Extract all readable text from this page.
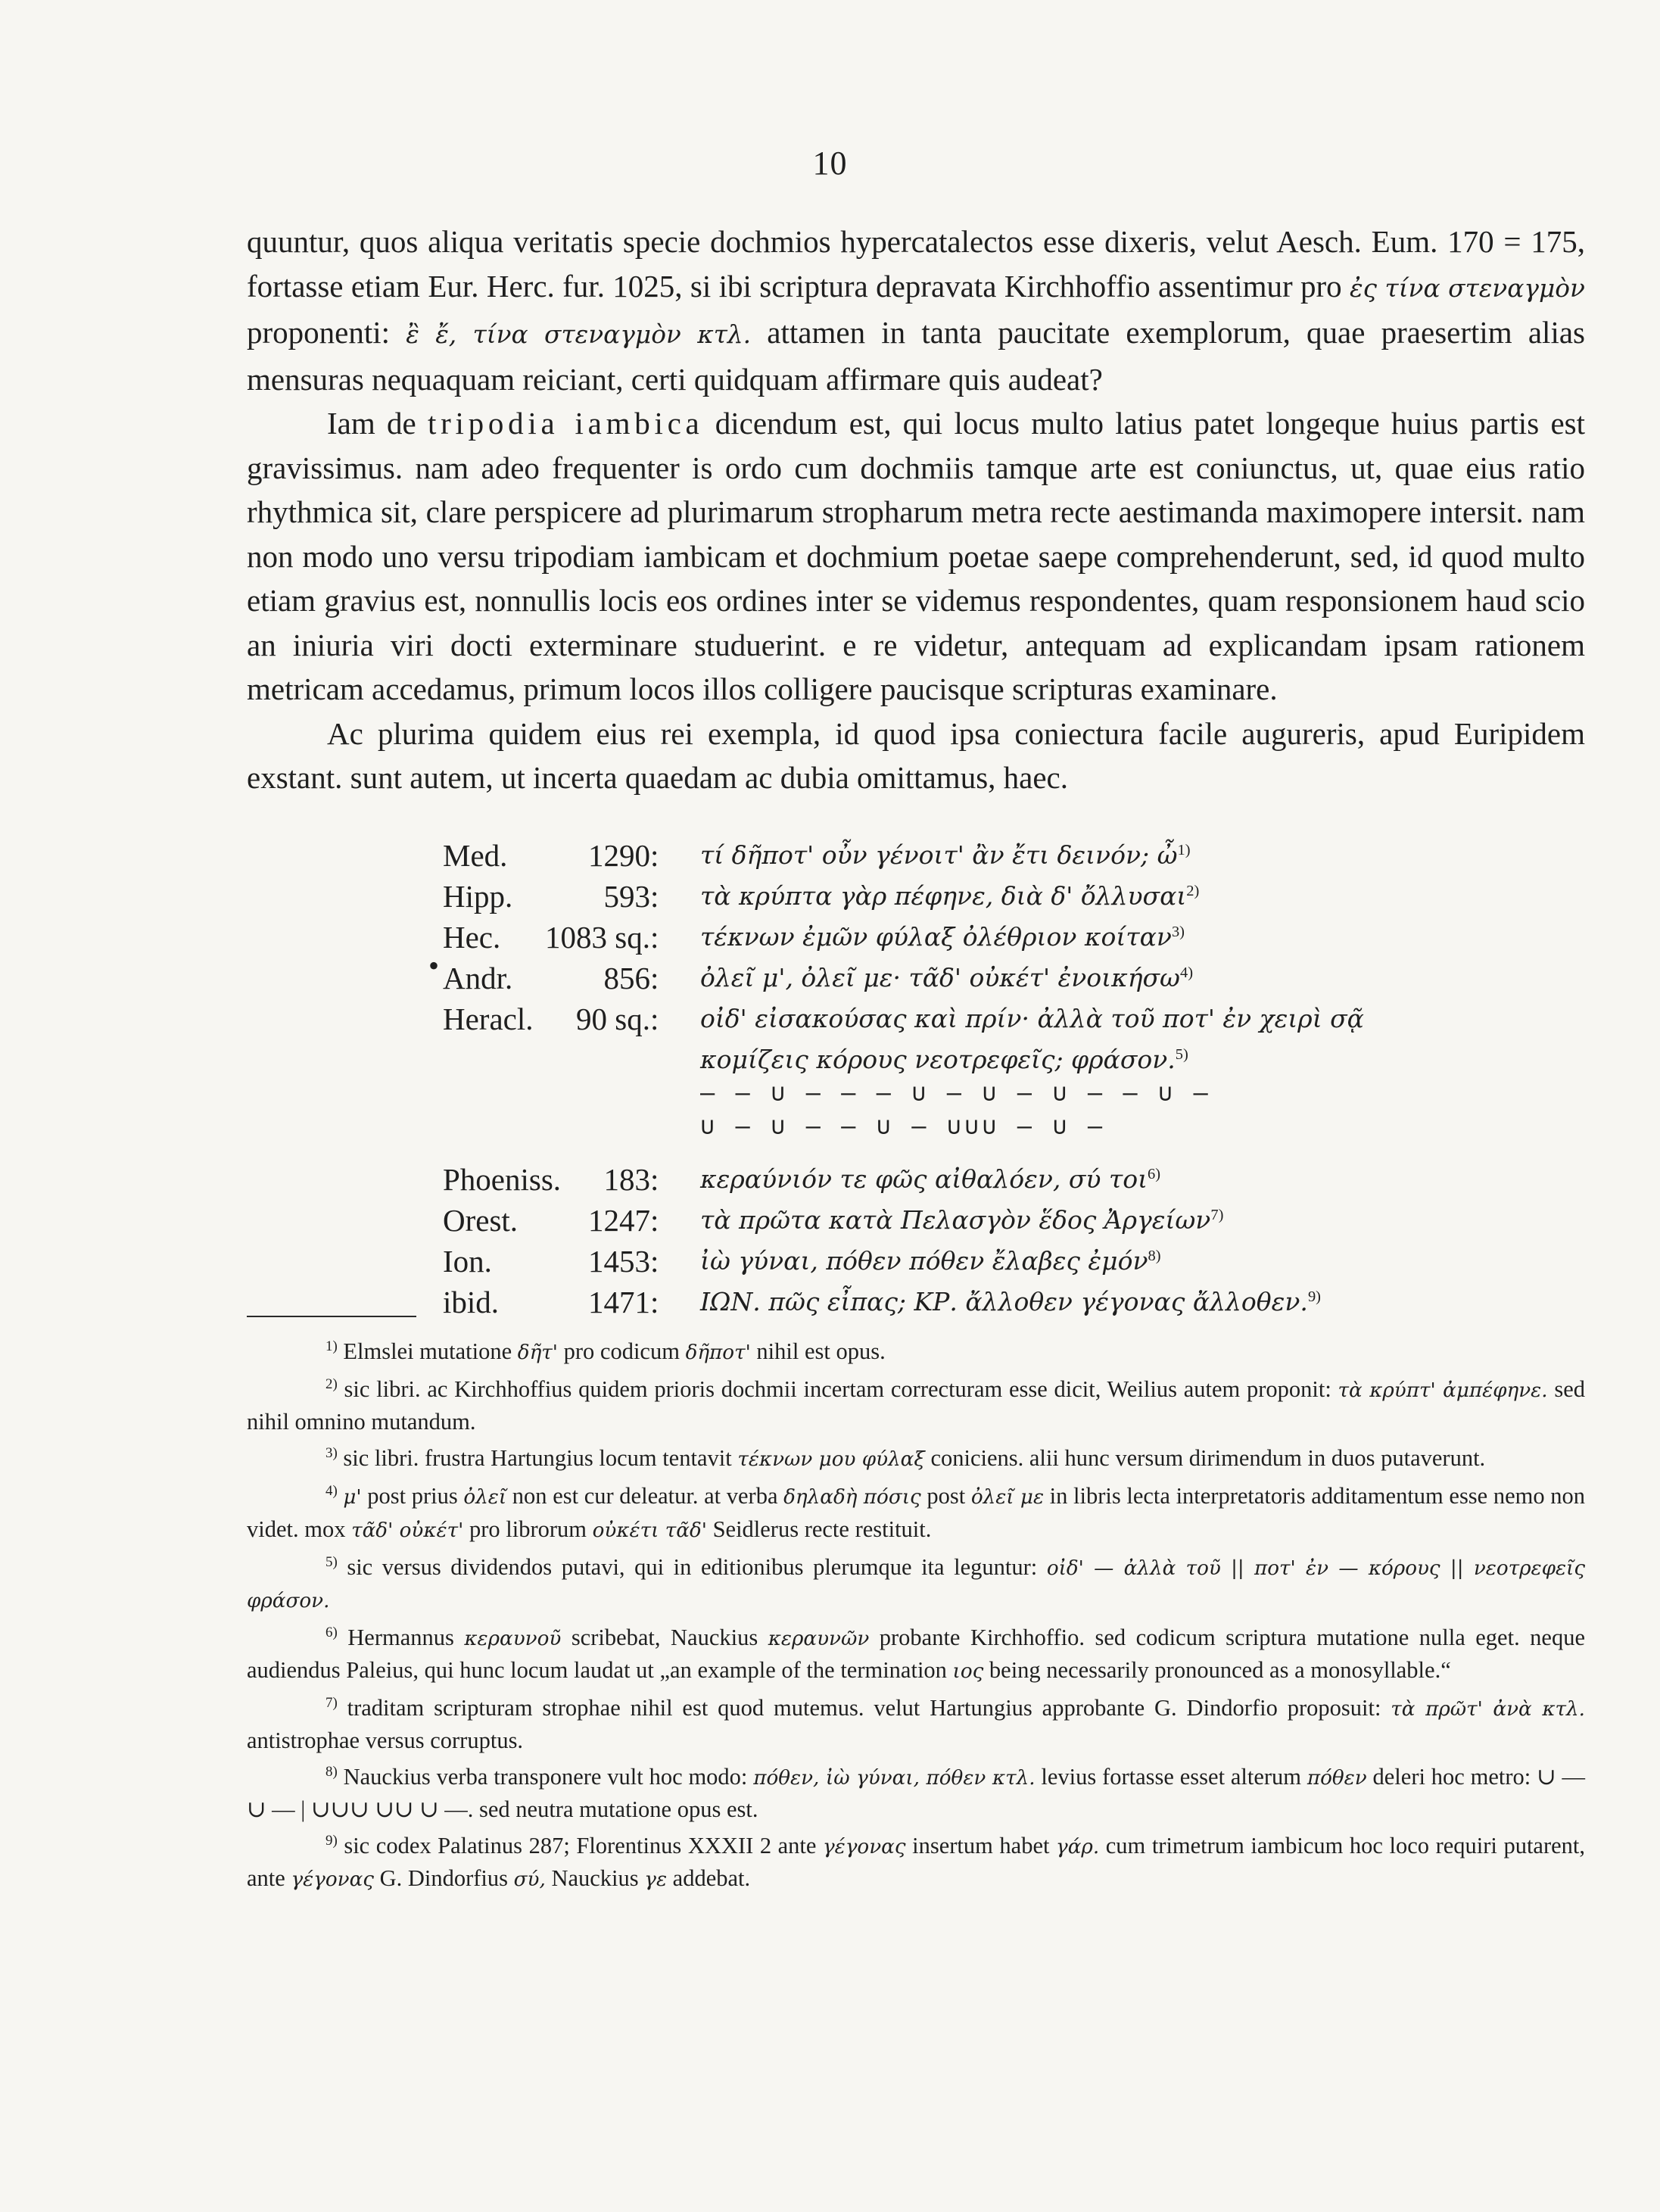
10

quuntur, quos aliqua veritatis specie dochmios hypercatalectos esse dixeris, velut Aesch. Eum. 170 = 175, fortasse etiam Eur. Herc. fur. 1025, si ibi scriptura depravata Kirchhoffio assentimur pro ἐς τίνα στεναγμὸν proponenti: ἒ ἔ, τίνα στεναγμὸν κτλ. attamen in tanta paucitate exemplorum, quae praesertim alias mensuras nequaquam reiciant, certi quidquam affirmare quis audeat?

Iam de tripodia iambica dicendum est, qui locus multo latius patet longeque huius partis est gravissimus. nam adeo frequenter is ordo cum dochmiis tamque arte est coniunctus, ut, quae eius ratio rhythmica sit, clare perspicere ad plurimarum stropharum metra recte aestimanda maximopere intersit. nam non modo uno versu tripodiam iambicam et dochmium poetae saepe comprehenderunt, sed, id quod multo etiam gravius est, nonnullis locis eos ordines inter se videmus respondentes, quam responsionem haud scio an iniuria viri docti exterminare studuerint. e re videtur, antequam ad explicandam ipsam rationem metricam accedamus, primum locos illos colligere paucisque scripturas examinare.

Ac plurima quidem eius rei exempla, id quod ipsa coniectura facile augureris, apud Euripidem exstant. sunt autem, ut incerta quaedam ac dubia omittamus, haec.

•
Med.	1290 : τί δῆποτ' οὖν γένοιτ' ἂν ἔτι δεινόν; ὦ$^{1)}$
Hipp.	593 : τὰ κρύπτα γὰρ πέφηνε, διὰ δ' ὄλλυσαι$^{2)}$
Hec. 1083 sq. : τέκνων ἐμῶν φύλαξ ὀλέθριον κοίταν$^{3)}$
Andr.	856 : ὀλεῖ μ', ὀλεῖ με· τᾶδ' οὐκέτ' ἐνοικήσω$^{4)}$
Heracl.	90 sq. : οἰδ' εἰσακούσας καὶ πρίν· ἀλλὰ τοῦ ποτ' ἐν χειρὶ σᾷ
κομίζεις κόρους νεοτρεφεῖς; φράσον.$^{5)}$
— — ∪ — — — ∪ — ∪ — ∪ — — ∪ —
∪ — ∪ — — ∪ — ∪∪∪ — ∪ —
Phoeniss.	183 : κεραύνιόν τε φῶς αἰθαλόεν, σύ τοι$^{6)}$
Orest.	1247 : τὰ πρῶτα κατὰ Πελασγὸν ἕδος Ἀργείων$^{7)}$
Ion.	1453 : ἰὼ γύναι, πόθεν πόθεν ἔλαβες ἐμόν$^{8)}$
ibid.	1471 : ΙΩΝ. πῶς εἶπας; ΚΡ. ἄλλοθεν γέγονας ἄλλοθεν.$^{9)}$

$^{1)}$ Elmslei mutatione δῆτ' pro codicum δῆποτ' nihil est opus.

$^{2)}$ sic libri. ac Kirchhoffius quidem prioris dochmii incertam correcturam esse dicit, Weilius autem proponit: τὰ κρύπτ' ἀμπέφηνε. sed nihil omnino mutandum.

$^{3)}$ sic libri. frustra Hartungius locum tentavit τέκνων μου φύλαξ coniciens. alii hunc versum dirimendum in duos putaverunt.

$^{4)}$ μ' post prius ὀλεῖ non est cur deleatur. at verba δηλαδὴ πόσις post ὀλεῖ με in libris lecta interpretatoris additamentum esse nemo non videt. mox τᾶδ' οὐκέτ' pro librorum οὐκέτι τᾶδ' Seidlerus recte restituit.

$^{5)}$ sic versus dividendos putavi, qui in editionibus plerumque ita leguntur: οἰδ' — ἀλλὰ τοῦ || ποτ' ἐν — κόρους || νεοτρεφεῖς φράσον.

$^{6)}$ Hermannus κεραυνοῦ scribebat, Nauckius κεραυνῶν probante Kirchhoffio. sed codicum scriptura mutatione nulla eget. neque audiendus Paleius, qui hunc locum laudat ut „an example of the termination ιος being necessarily pronounced as a monosyllable.“

$^{7)}$ traditam scripturam strophae nihil est quod mutemus. velut Hartungius approbante G. Dindorfio proposuit: τὰ πρῶτ' ἀνὰ κτλ. antistrophae versus corruptus.

$^{8)}$ Nauckius verba transponere vult hoc modo: πόθεν, ἰὼ γύναι, πόθεν κτλ. levius fortasse esset alterum πόθεν deleri hoc metro: ∪ — ∪ — | ∪∪∪ ∪∪ ∪ —. sed neutra mutatione opus est.

$^{9)}$ sic codex Palatinus 287; Florentinus XXXII 2 ante γέγονας insertum habet γάρ. cum trimetrum iambicum hoc loco requiri putarent, ante γέγονας G. Dindorfius σύ, Nauckius γε addebat.
